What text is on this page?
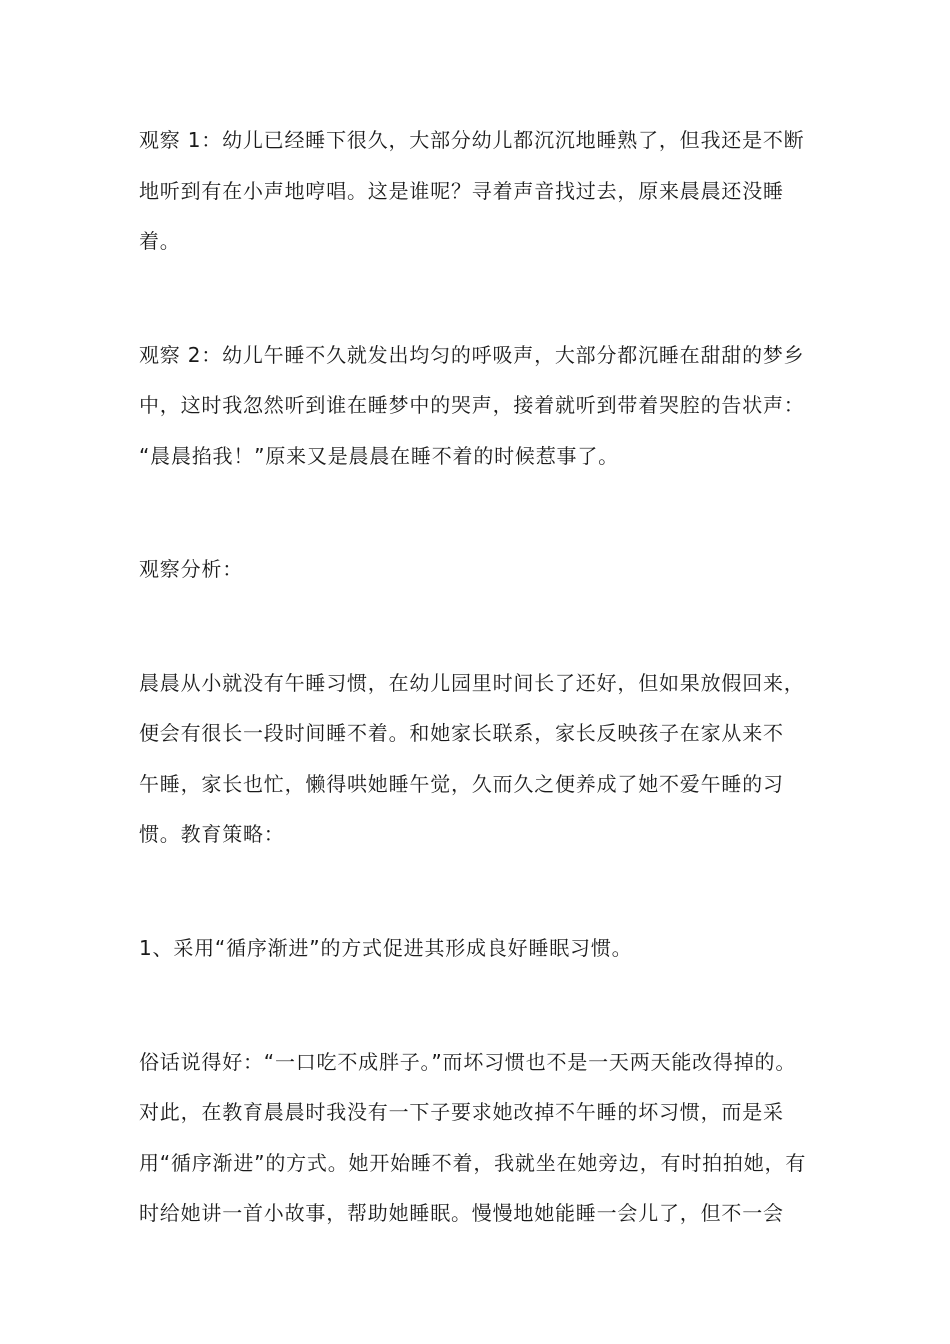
观察 1：幼儿已经睡下很久，大部分幼儿都沉沉地睡熟了，但我还是不断
地听到有在小声地哼唱。这是谁呢？寻着声音找过去，原来晨晨还没睡
着。
观察 2：幼儿午睡不久就发出均匀的呼吸声，大部分都沉睡在甜甜的梦乡
中，这时我忽然听到谁在睡梦中的哭声，接着就听到带着哭腔的告状声：
“晨晨掐我！”原来又是晨晨在睡不着的时候惹事了。
观察分析：
晨晨从小就没有午睡习惯，在幼儿园里时间长了还好，但如果放假回来，
便会有很长一段时间睡不着。和她家长联系，家长反映孩子在家从来不
午睡，家长也忙，懒得哄她睡午觉，久而久之便养成了她不爱午睡的习
惯。教育策略：
1、采用“循序渐进”的方式促进其形成良好睡眠习惯。
俗话说得好：“一口吃不成胖子。”而坏习惯也不是一天两天能改得掉的。
对此，在教育晨晨时我没有一下子要求她改掉不午睡的坏习惯，而是采
用“循序渐进”的方式。她开始睡不着，我就坐在她旁边，有时拍拍她，有
时给她讲一首小故事，帮助她睡眠。慢慢地她能睡一会儿了，但不一会
